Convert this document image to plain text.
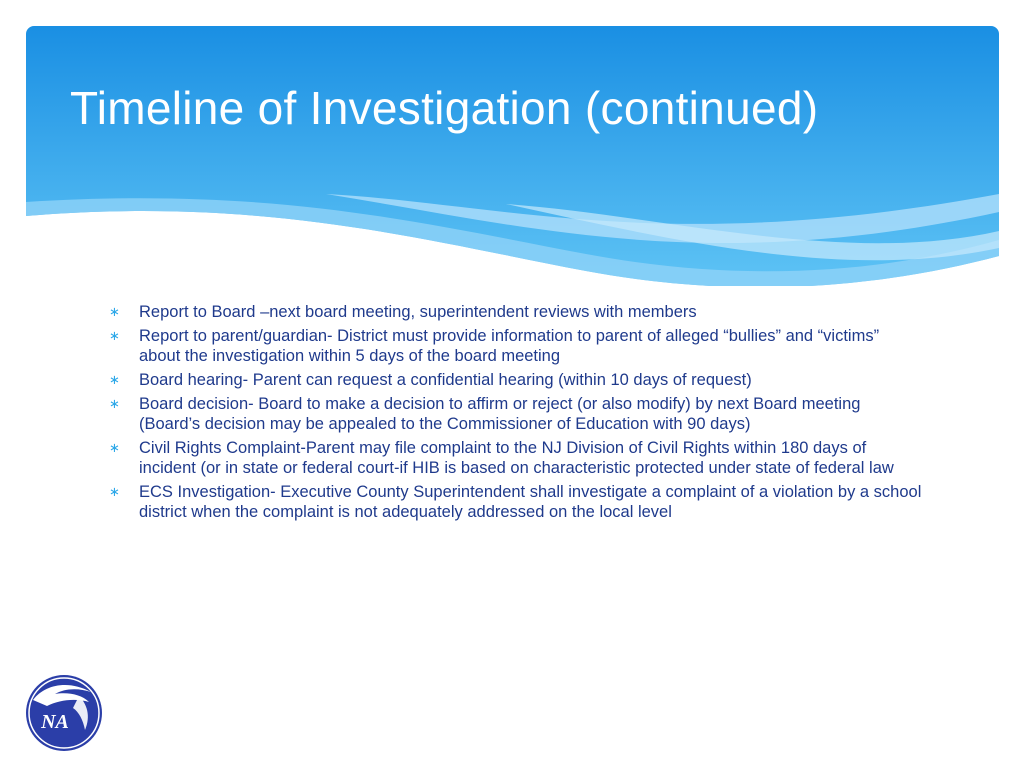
Timeline of Investigation (continued)
∗ Report to Board –next board meeting, superintendent reviews with members
∗ Report to parent/guardian- District must provide information to parent of alleged “bullies” and “victims” about the investigation within 5 days of the board meeting
∗ Board hearing- Parent can request a confidential hearing (within 10 days of request)
∗ Board decision- Board to make a decision to affirm or reject (or also modify) by next Board meeting (Board’s decision may be appealed to the Commissioner of Education with 90 days)
∗ Civil Rights Complaint-Parent may file complaint to the NJ Division of Civil Rights within 180 days of incident (or in state or federal court-if HIB is based on characteristic protected under state of federal law
∗ ECS Investigation- Executive County Superintendent shall investigate a complaint of a violation by a school district when the complaint is not adequately addressed on the local level
NA
